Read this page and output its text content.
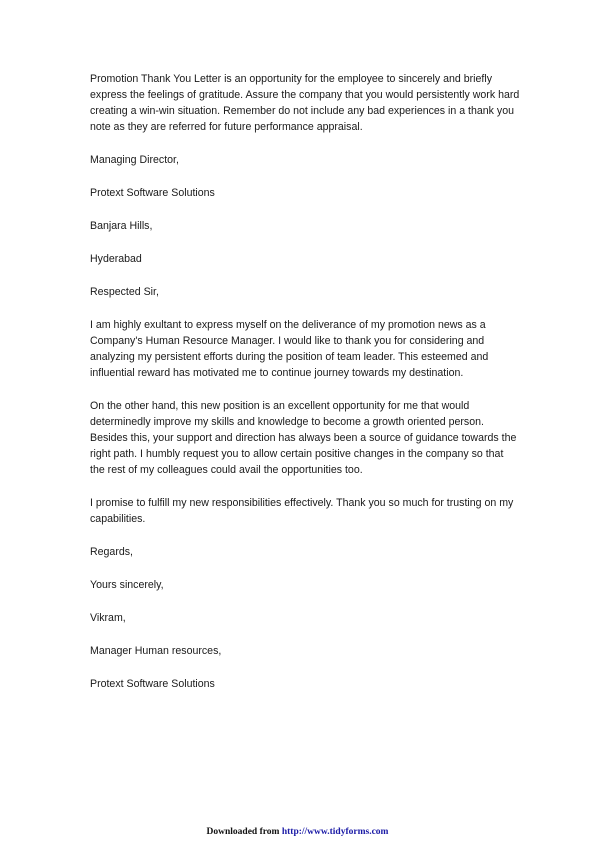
Promotion Thank You Letter is an opportunity for the employee to sincerely and briefly express the feelings of gratitude. Assure the company that you would persistently work hard creating a win-win situation. Remember do not include any bad experiences in a thank you note as they are referred for future performance appraisal.

Managing Director,

Protext Software Solutions

Banjara Hills,

Hyderabad

Respected Sir,

I am highly exultant to express myself on the deliverance of my promotion news as a Company's Human Resource Manager. I would like to thank you for considering and analyzing my persistent efforts during the position of team leader. This esteemed and influential reward has motivated me to continue journey towards my destination.

On the other hand, this new position is an excellent opportunity for me that would determinedly improve my skills and knowledge to become a growth oriented person. Besides this, your support and direction has always been a source of guidance towards the right path. I humbly request you to allow certain positive changes in the company so that the rest of my colleagues could avail the opportunities too.

I promise to fulfill my new responsibilities effectively. Thank you so much for trusting on my capabilities.

Regards,

Yours sincerely,

Vikram,

Manager Human resources,

Protext Software Solutions

Downloaded from http://www.tidyforms.com
